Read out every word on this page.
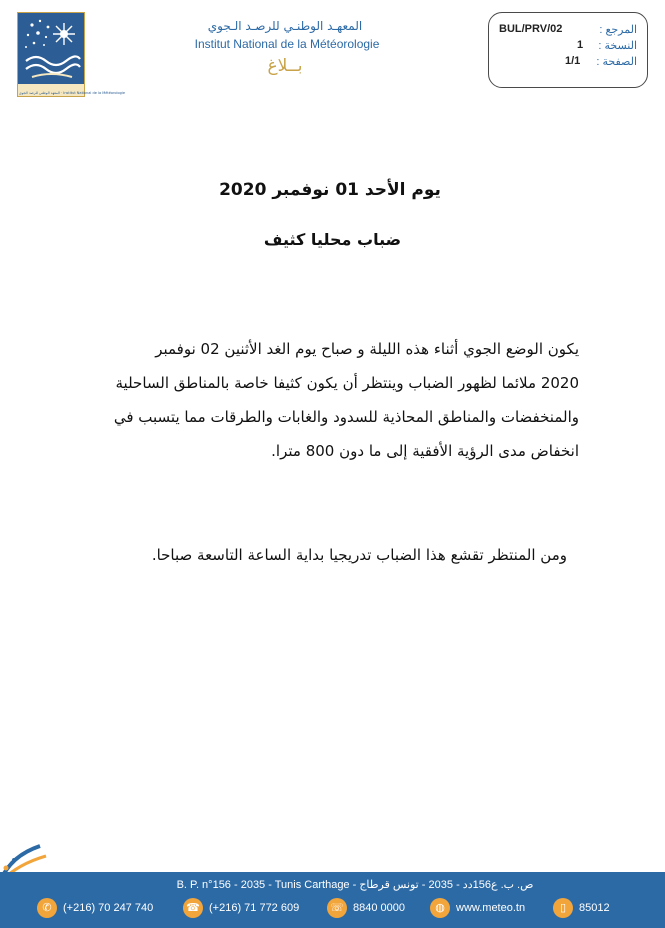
المعهد الوطني للرصد الجوي · Institut National de la Météorologie
المعهـد الوطنـي للرصـد الـجوي
Institut National de la Météorologie
بــلاغ
المرجع :
BUL/PRV/02
النسخة :
1
الصفحة :
1/1
يوم الأحد 01 نوفمبر 2020
ضباب محليا كثيف
يكون الوضع الجوي أثناء هذه الليلة و صباح يوم الغد الأثنين 02 نوفمبر
2020 ملائما لظهور الضباب وينتظر أن يكون كثيفا خاصة بالمناطق الساحلية
والمنخفضات والمناطق المحاذية للسدود والغابات والطرقات مما يتسبب في
انخفاض مدى الرؤية الأفقية إلى ما دون 800 مترا.
ومن المنتظر تقشع هذا الضباب تدريجيا بداية الساعة التاسعة صباحا.
B. P. n°156 - 2035 - Tunis Carthage - ص. ب. ع156دد - 2035 - تونس قرطاج
✆	(+216) 70 247 740	☎ (+216) 71 772 609	☏ 8840 0000	◍	www.meteo.tn	▯	85012
